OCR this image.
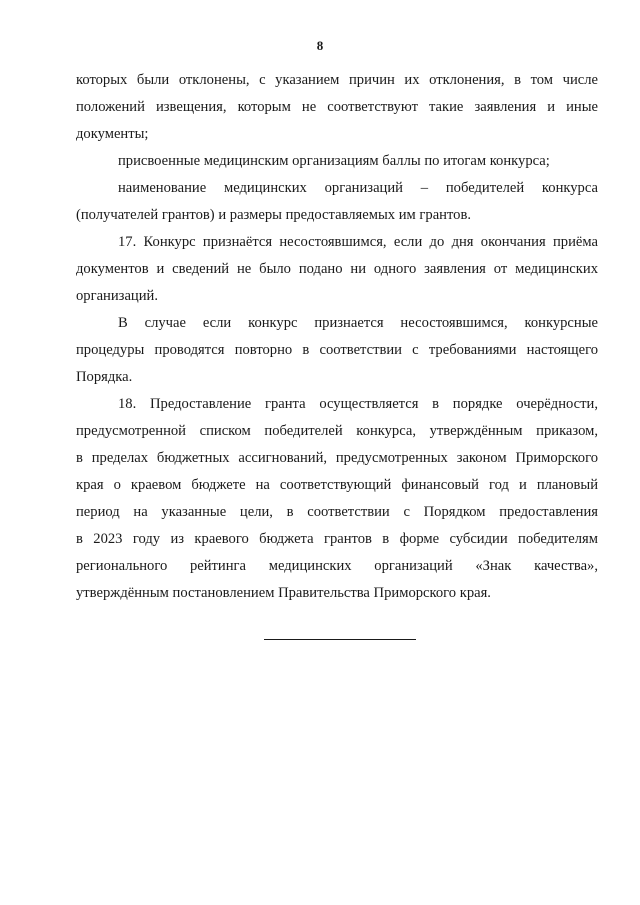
8
которых были отклонены, с указанием причин их отклонения, в том числе
положений извещения, которым не соответствуют такие заявления и иные
документы;
присвоенные медицинским организациям баллы по итогам конкурса;
наименование медицинских организаций – победителей конкурса
(получателей грантов) и размеры предоставляемых им грантов.
17. Конкурс признаётся несостоявшимся, если до дня окончания приёма
документов и сведений не было подано ни одного заявления от медицинских
организаций.
В случае если конкурс признается несостоявшимся, конкурсные
процедуры проводятся повторно в соответствии с требованиями настоящего
Порядка.
18. Предоставление гранта осуществляется в порядке очерёдности,
предусмотренной списком победителей конкурса, утверждённым приказом,
в пределах бюджетных ассигнований, предусмотренных законом Приморского
края о краевом бюджете на соответствующий финансовый год и плановый
период на указанные цели, в соответствии с Порядком предоставления
в 2023 году из краевого бюджета грантов в форме субсидии победителям
регионального рейтинга медицинских организаций «Знак качества»,
утверждённым постановлением Правительства Приморского края.
